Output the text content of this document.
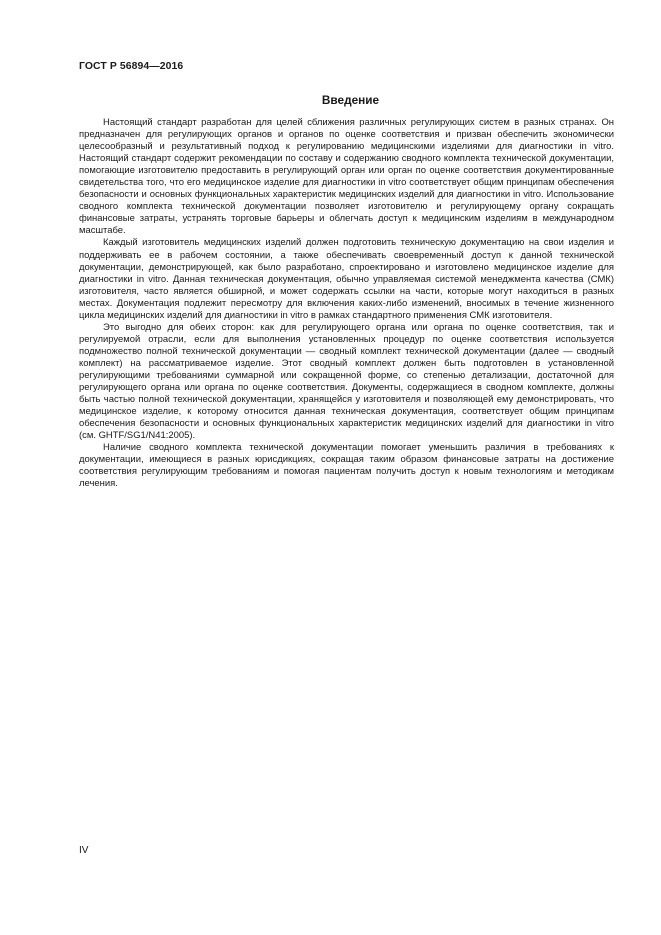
ГОСТ Р 56894—2016
Введение

Настоящий стандарт разработан для целей сближения различных регулирующих систем в разных странах. Он предназначен для регулирующих органов и органов по оценке соответствия и призван обеспечить экономически целесообразный и результативный подход к регулированию медицинскими изделиями для диагностики in vitro. Настоящий стандарт содержит рекомендации по составу и содержанию сводного комплекта технической документации, помогающие изготовителю предоставить в регулирующий орган или орган по оценке соответствия документированные свидетельства того, что его медицинское изделие для диагностики in vitro соответствует общим принципам обеспечения безопасности и основных функциональных характеристик медицинских изделий для диагностики in vitro. Использование сводного комплекта технической документации позволяет изготовителю и регулирующему органу сокращать финансовые затраты, устранять торговые барьеры и облегчать доступ к медицинским изделиям в международном масштабе.

Каждый изготовитель медицинских изделий должен подготовить техническую документацию на свои изделия и поддерживать ее в рабочем состоянии, а также обеспечивать своевременный доступ к данной технической документации, демонстрирующей, как было разработано, спроектировано и изготовлено медицинское изделие для диагностики in vitro. Данная техническая документация, обычно управляемая системой менеджмента качества (СМК) изготовителя, часто является обширной, и может содержать ссылки на части, которые могут находиться в разных местах. Документация подлежит пересмотру для включения каких-либо изменений, вносимых в течение жизненного цикла медицинских изделий для диагностики in vitro в рамках стандартного применения СМК изготовителя.

Это выгодно для обеих сторон: как для регулирующего органа или органа по оценке соответствия, так и регулируемой отрасли, если для выполнения установленных процедур по оценке соответствия используется подмножество полной технической документации — сводный комплект технической документации (далее — сводный комплект) на рассматриваемое изделие. Этот сводный комплект должен быть подготовлен в установленной регулирующими требованиями суммарной или сокращенной форме, со степенью детализации, достаточной для регулирующего органа или органа по оценке соответствия. Документы, содержащиеся в сводном комплекте, должны быть частью полной технической документации, хранящейся у изготовителя и позволяющей ему демонстрировать, что медицинское изделие, к которому относится данная техническая документация, соответствует общим принципам обеспечения безопасности и основных функциональных характеристик медицинских изделий для диагностики in vitro (см. GHTF/SG1/N41:2005).

Наличие сводного комплекта технической документации помогает уменьшить различия в требованиях к документации, имеющиеся в разных юрисдикциях, сокращая таким образом финансовые затраты на достижение соответствия регулирующим требованиям и помогая пациентам получить доступ к новым технологиям и методикам лечения.

IV
